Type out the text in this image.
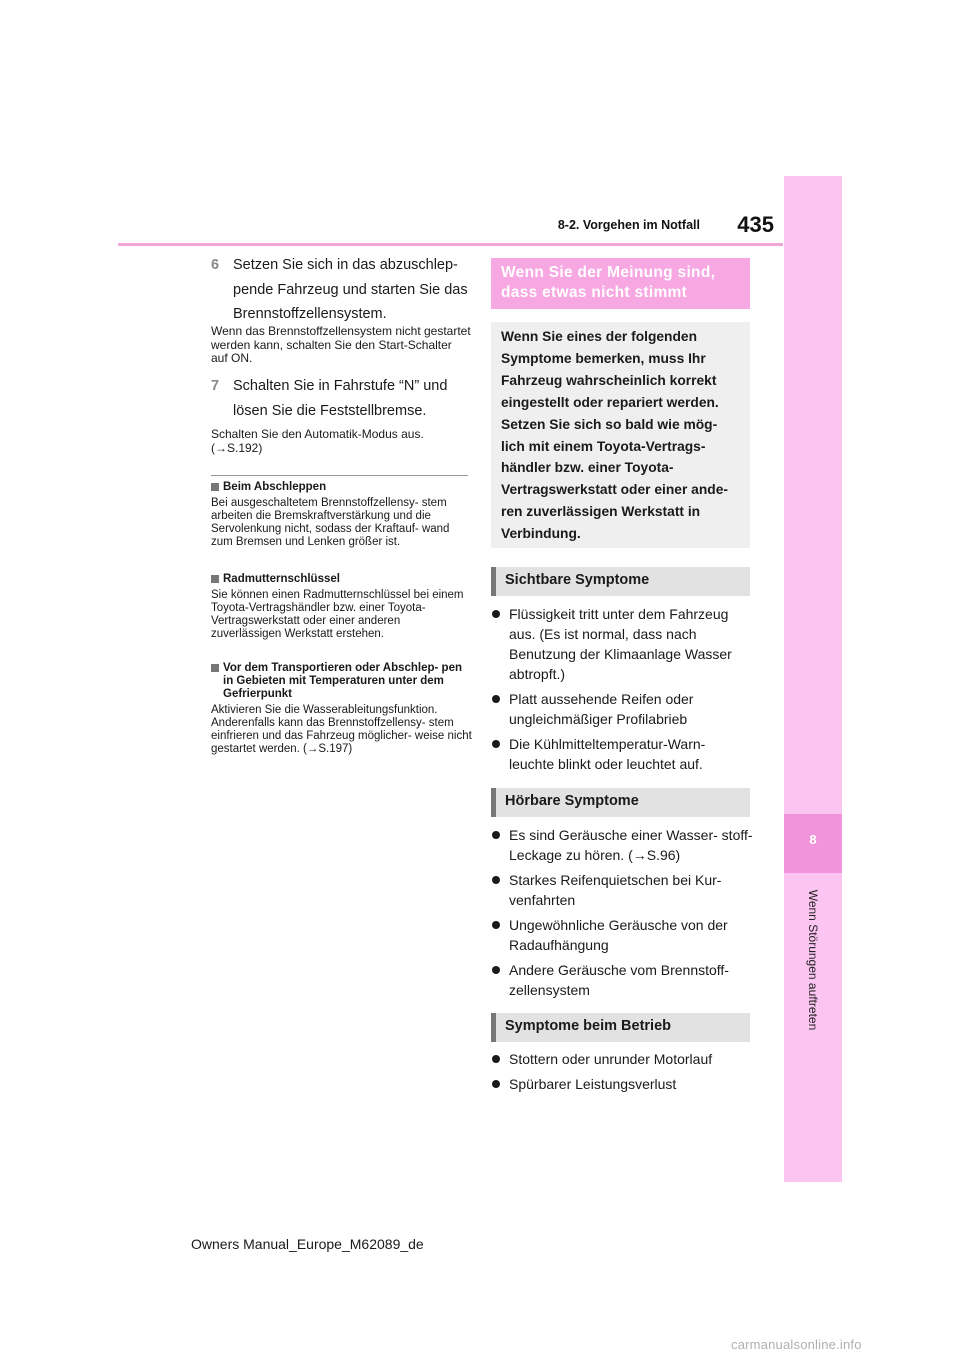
8-2. Vorgehen im Notfall	435
8
Wenn Störungen auftreten
6 Setzen Sie sich in das abzuschlep- pende Fahrzeug und starten Sie das Brennstoffzellensystem.
Wenn das Brennstoffzellensystem nicht gestartet werden kann, schalten Sie den Start-Schalter auf ON.
7 Schalten Sie in Fahrstufe “N” und lösen Sie die Feststellbremse.
Schalten Sie den Automatik-Modus aus. (→S.192)
Beim Abschleppen
Bei ausgeschaltetem Brennstoffzellensy- stem arbeiten die Bremskraftverstärkung und die Servolenkung nicht, sodass der Kraftauf- wand zum Bremsen und Lenken größer ist.
Radmutternschlüssel
Sie können einen Radmutternschlüssel bei einem Toyota-Vertragshändler bzw. einer Toyota-Vertragswerkstatt oder einer anderen zuverlässigen Werkstatt erstehen.
Vor dem Transportieren oder Abschlep- pen in Gebieten mit Temperaturen unter dem Gefrierpunkt
Aktivieren Sie die Wasserableitungsfunktion. Anderenfalls kann das Brennstoffzellensy- stem einfrieren und das Fahrzeug möglicher- weise nicht gestartet werden. (→S.197)
Wenn Sie der Meinung sind, dass etwas nicht stimmt
Wenn Sie eines der folgenden Symptome bemerken, muss Ihr Fahrzeug wahrscheinlich korrekt eingestellt oder repariert werden. Setzen Sie sich so bald wie mög- lich mit einem Toyota-Vertrags- händler bzw. einer Toyota- Vertragswerkstatt oder einer ande- ren zuverlässigen Werkstatt in Verbindung.
Sichtbare Symptome
Flüssigkeit tritt unter dem Fahrzeug aus. (Es ist normal, dass nach Benutzung der Klimaanlage Wasser abtropft.)
Platt aussehende Reifen oder ungleichmäßiger Profilabrieb
Die Kühlmitteltemperatur-Warn- leuchte blinkt oder leuchtet auf.
Hörbare Symptome
Es sind Geräusche einer Wasser- stoff-Leckage zu hören. (→S.96)
Starkes Reifenquietschen bei Kur- venfahrten
Ungewöhnliche Geräusche von der Radaufhängung
Andere Geräusche vom Brennstoff- zellensystem
Symptome beim Betrieb
Stottern oder unrunder Motorlauf
Spürbarer Leistungsverlust
Owners Manual_Europe_M62089_de
carmanualsonline.info
